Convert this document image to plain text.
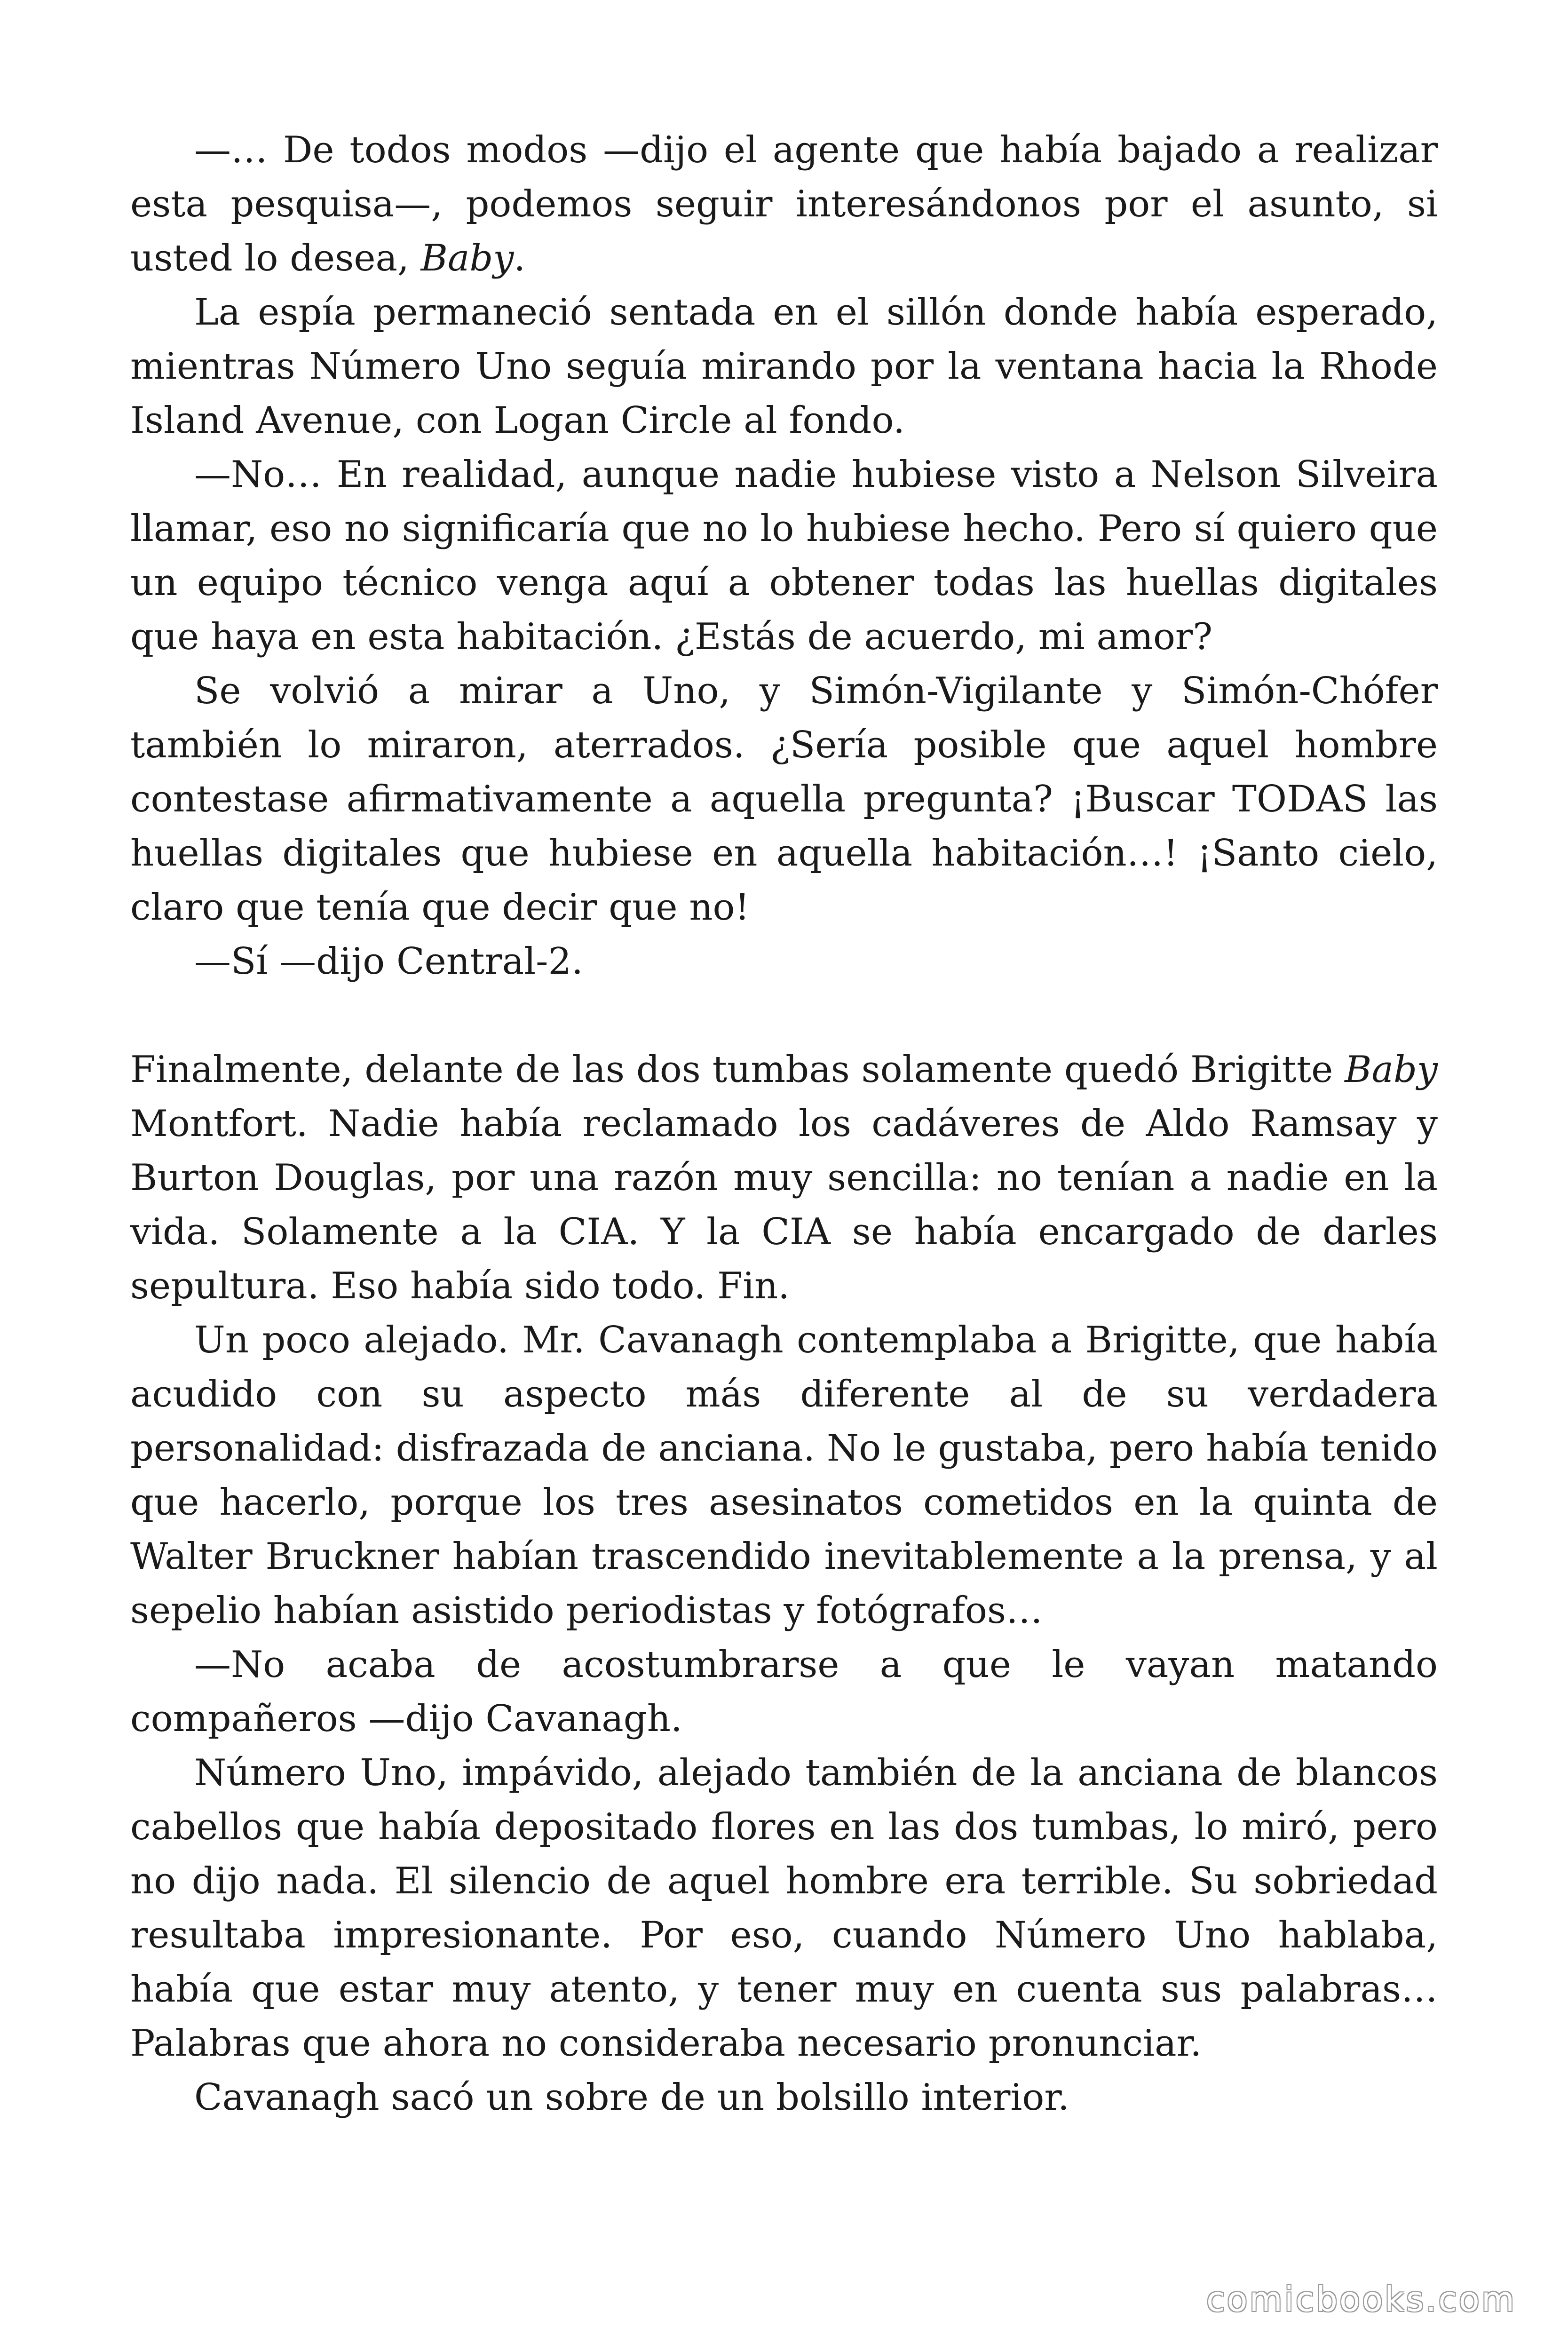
—… De todos modos —dijo el agente que había bajado a realizar esta pesquisa—, podemos seguir interesándonos por el asunto, si usted lo desea, Baby.

La espía permaneció sentada en el sillón donde había esperado, mientras Número Uno seguía mirando por la ventana hacia la Rhode Island Avenue, con Logan Circle al fondo.

—No… En realidad, aunque nadie hubiese visto a Nelson Silveira llamar, eso no significaría que no lo hubiese hecho. Pero sí quiero que un equipo técnico venga aquí a obtener todas las huellas digitales que haya en esta habitación. ¿Estás de acuerdo, mi amor?

Se volvió a mirar a Uno, y Simón-Vigilante y Simón-Chófer también lo miraron, aterrados. ¿Sería posible que aquel hombre contestase afirmativamente a aquella pregunta? ¡Buscar TODAS las huellas digitales que hubiese en aquella habitación…! ¡Santo cielo, claro que tenía que decir que no!

—Sí —dijo Central-2.

Finalmente, delante de las dos tumbas solamente quedó Brigitte Baby Montfort. Nadie había reclamado los cadáveres de Aldo Ramsay y Burton Douglas, por una razón muy sencilla: no tenían a nadie en la vida. Solamente a la CIA. Y la CIA se había encargado de darles sepultura. Eso había sido todo. Fin.

Un poco alejado. Mr. Cavanagh contemplaba a Brigitte, que había acudido con su aspecto más diferente al de su verdadera personalidad: disfrazada de anciana. No le gustaba, pero había tenido que hacerlo, porque los tres asesinatos cometidos en la quinta de Walter Bruckner habían trascendido inevitablemente a la prensa, y al sepelio habían asistido periodistas y fotógrafos…

—No acaba de acostumbrarse a que le vayan matando compañeros —dijo Cavanagh.

Número Uno, impávido, alejado también de la anciana de blancos cabellos que había depositado flores en las dos tumbas, lo miró, pero no dijo nada. El silencio de aquel hombre era terrible. Su sobriedad resultaba impresionante. Por eso, cuando Número Uno hablaba, había que estar muy atento, y tener muy en cuenta sus palabras… Palabras que ahora no consideraba necesario pronunciar.

Cavanagh sacó un sobre de un bolsillo interior.

comicbooks.com
